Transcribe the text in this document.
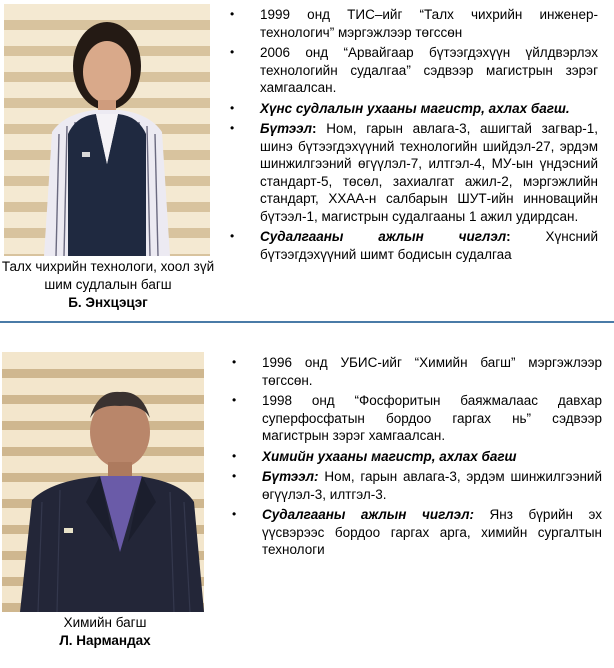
Талх чихрийн технологи, хоол зүй шим судлалын багш
Б. Энхцэцэг
• 1999 онд ТИС–ийг “Талх чихрийн инженер-технологич” мэргэжлээр төгссөн
• 2006 онд “Арвайгаар бүтээгдэхүүн үйлдвэрлэх технологийн судалгаа” сэдвээр магистрын зэрэг хамгаалсан.
• Хүнс судлалын ухааны магистр, ахлах багш.
• Бүтээл: Ном, гарын авлага-3, ашигтай загвар-1, шинэ бүтээгдэхүүний технологийн шийдэл-27, эрдэм шинжилгээний өгүүлэл-7, илтгэл-4, МУ-ын үндэсний стандарт-5, төсөл, захиалгат ажил-2, мэргэжлийн стандарт, ХХАА-н салбарын ШУТ-ийн инновацийн бүтээл-1, магистрын судалгааны 1 ажил удирдсан.
• Судалгааны ажлын чиглэл: Хүнсний бүтээгдэхүүний шимт бодисын судалгаа
Химийн багш
Л. Нармандах
• 1996 онд УБИС-ийг “Химийн багш” мэргэжлээр төгссөн.
• 1998 онд “Фосфоритын баяжмалаас давхар суперфосфатын бордоо гаргах нь” сэдвээр магистрын зэрэг хамгаалсан.
• Химийн ухааны магистр, ахлах багш
• Бүтээл: Ном, гарын авлага-3, эрдэм шинжилгээний өгүүлэл-3, илтгэл-3.
• Судалгааны ажлын чиглэл: Янз бүрийн эх үүсвэрээс бордоо гаргах арга, химийн сургалтын технологи
